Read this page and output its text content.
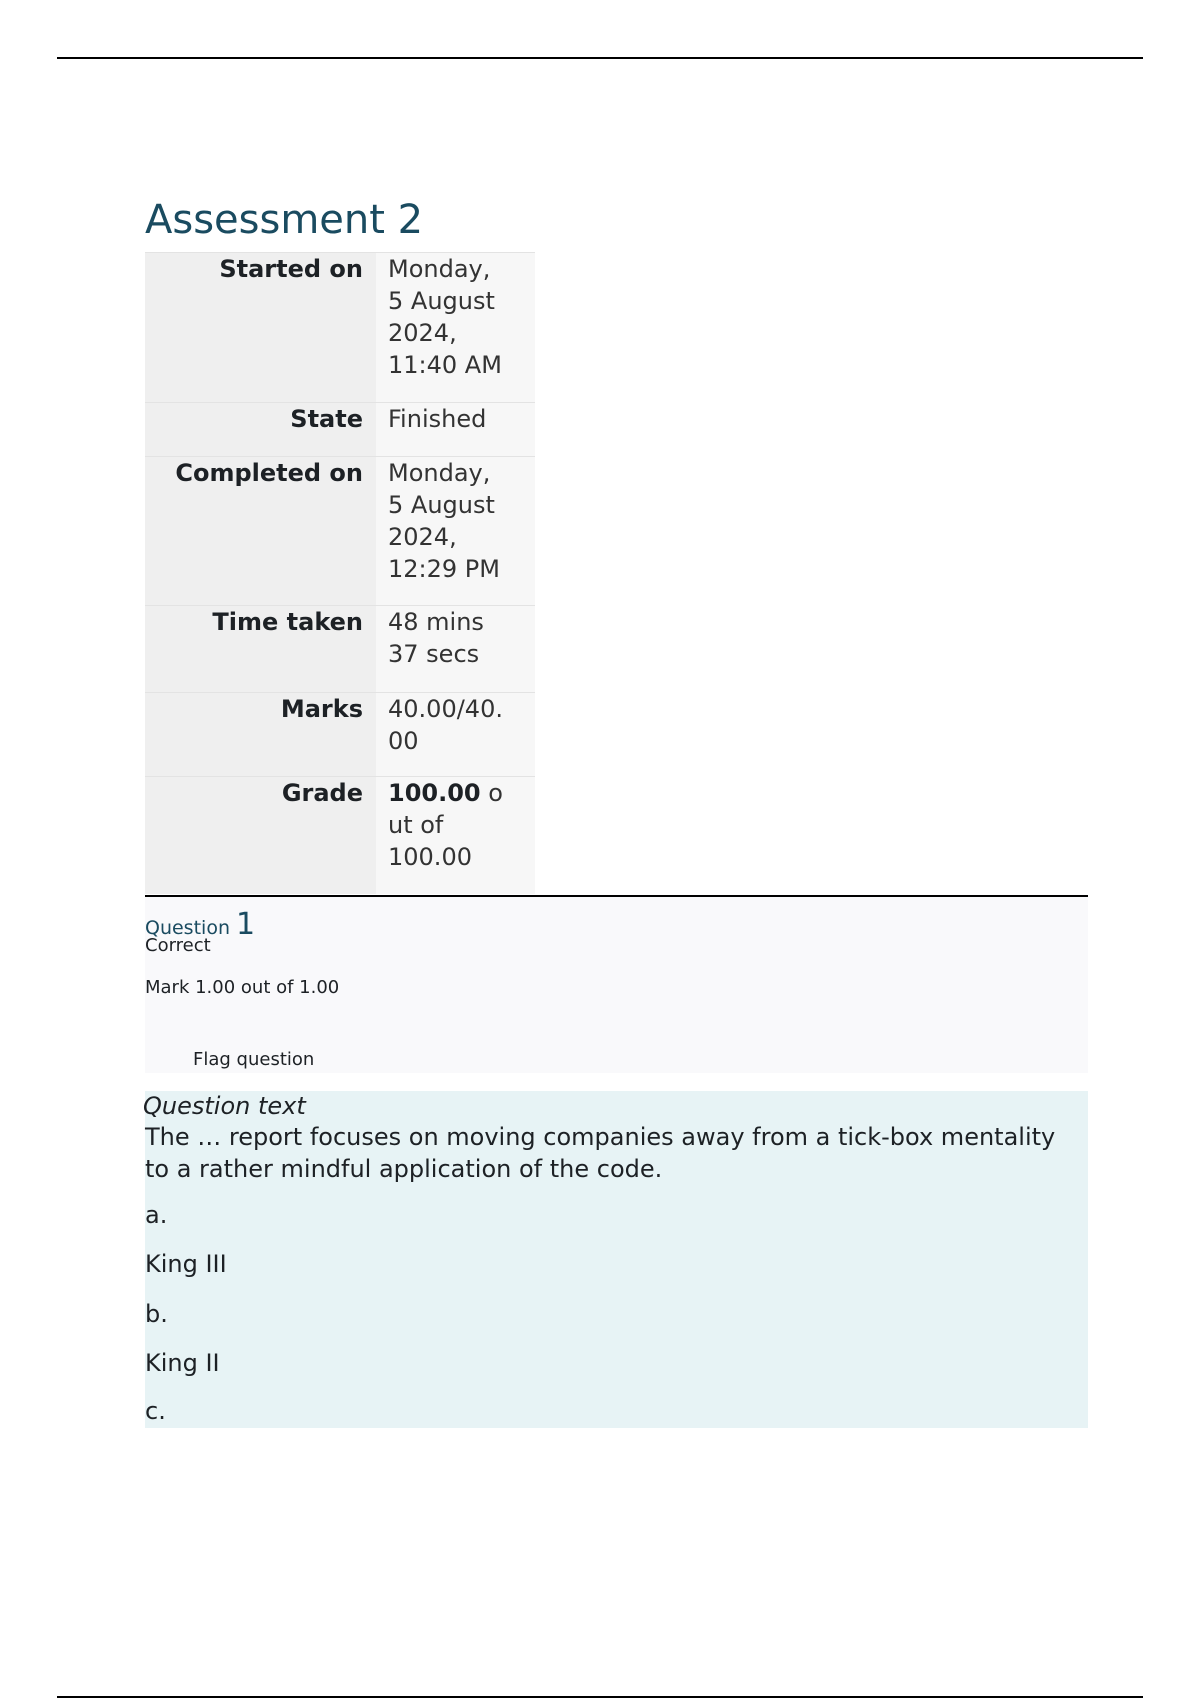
Assessment 2
Started on	Monday,
5 August
2024,
11:40 AM

State	Finished

Completed on	Monday,
5 August
2024,
12:29 PM

Time taken	48 mins
37 secs

Marks	40.00/40.
00

Grade	100.00 o
ut of
100.00
Question 1
Correct
Mark 1.00 out of 1.00
Flag question
Question text

The … report focuses on moving companies away from a tick-box mentality to a rather mindful application of the code.

a.
King III
b.
King II
c.
